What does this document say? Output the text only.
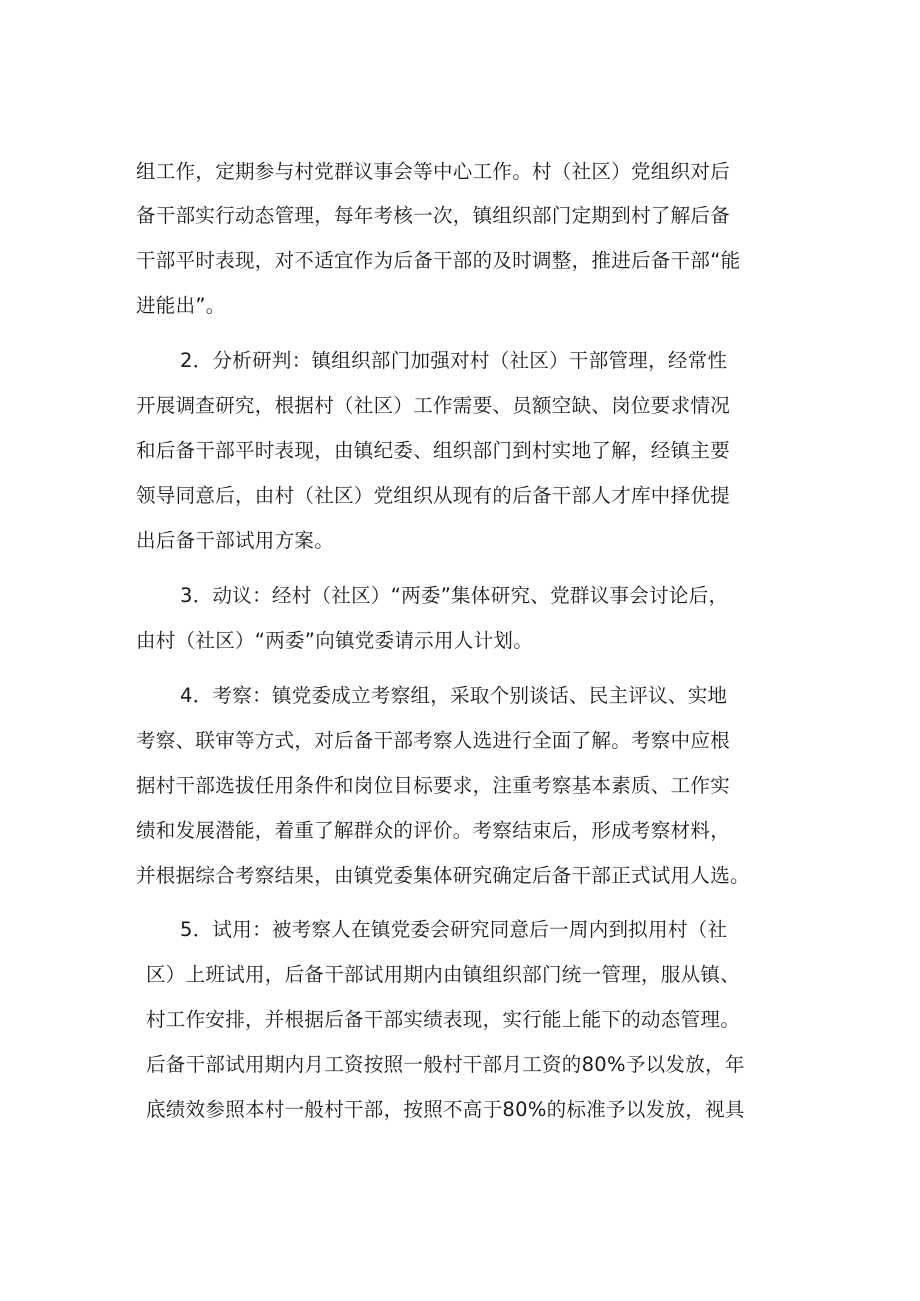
组工作，定期参与村党群议事会等中心工作。村（社区）党组织对后
备干部实行动态管理，每年考核一次，镇组织部门定期到村了解后备
干部平时表现，对不适宜作为后备干部的及时调整，推进后备干部“能
进能出”。
2．分析研判：镇组织部门加强对村（社区）干部管理，经常性
开展调查研究，根据村（社区）工作需要、员额空缺、岗位要求情况
和后备干部平时表现，由镇纪委、组织部门到村实地了解，经镇主要
领导同意后，由村（社区）党组织从现有的后备干部人才库中择优提
出后备干部试用方案。
3．动议：经村（社区）“两委”集体研究、党群议事会讨论后，
由村（社区）“两委”向镇党委请示用人计划。
4．考察：镇党委成立考察组，采取个别谈话、民主评议、实地
考察、联审等方式，对后备干部考察人选进行全面了解。考察中应根
据村干部选拔任用条件和岗位目标要求，注重考察基本素质、工作实
绩和发展潜能，着重了解群众的评价。考察结束后，形成考察材料，
并根据综合考察结果，由镇党委集体研究确定后备干部正式试用人选。
5．试用：被考察人在镇党委会研究同意后一周内到拟用村（社
区）上班试用，后备干部试用期内由镇组织部门统一管理，服从镇、
村工作安排，并根据后备干部实绩表现，实行能上能下的动态管理。
后备干部试用期内月工资按照一般村干部月工资的80%予以发放，年
底绩效参照本村一般村干部，按照不高于80%的标准予以发放，视具
